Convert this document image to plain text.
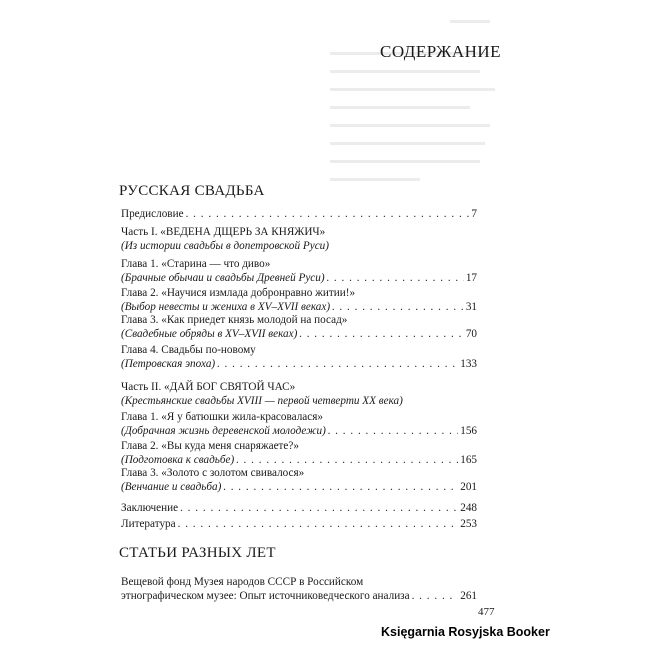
СОДЕРЖАНИЕ
РУССКАЯ СВАДЬБА
Предисловие . . .	7
Часть I. «ВЕДЕНА ДЩЕРЬ ЗА КНЯЖИЧ»
(Из истории свадьбы в допетровской Руси)
Глава 1. «Старина — что диво»
(Брачные обычаи и свадьбы Древней Руси) . . .	17
Глава 2. «Научися измлада добронравно житии!»
(Выбор невесты и жениха в XV–XVII веках) . . .	31
Глава 3. «Как приедет князь молодой на посад»
(Свадебные обряды в XV–XVII веках) . . .	70
Глава 4. Свадьбы по-новому
(Петровская эпоха) . . .	133
Часть II. «ДАЙ БОГ СВЯТОЙ ЧАС»
(Крестьянские свадьбы XVIII — первой четверти XX века)
Глава 1. «Я у батюшки жила-красовалася»
(Добрачная жизнь деревенской молодежи) . . .	156
Глава 2. «Вы куда меня снаряжаете?»
(Подготовка к свадьбе) . . .	165
Глава 3. «Золото с золотом свивалося»
(Венчание и свадьба) . . .	201
Заключение . . .	248
Литература . . .	253
СТАТЬИ РАЗНЫХ ЛЕТ
Вещевой фонд Музея народов СССР в Российском
этнографическом музее: Опыт источниковедческого анализа . . .	261
477
Księgarnia Rosyjska Booker
